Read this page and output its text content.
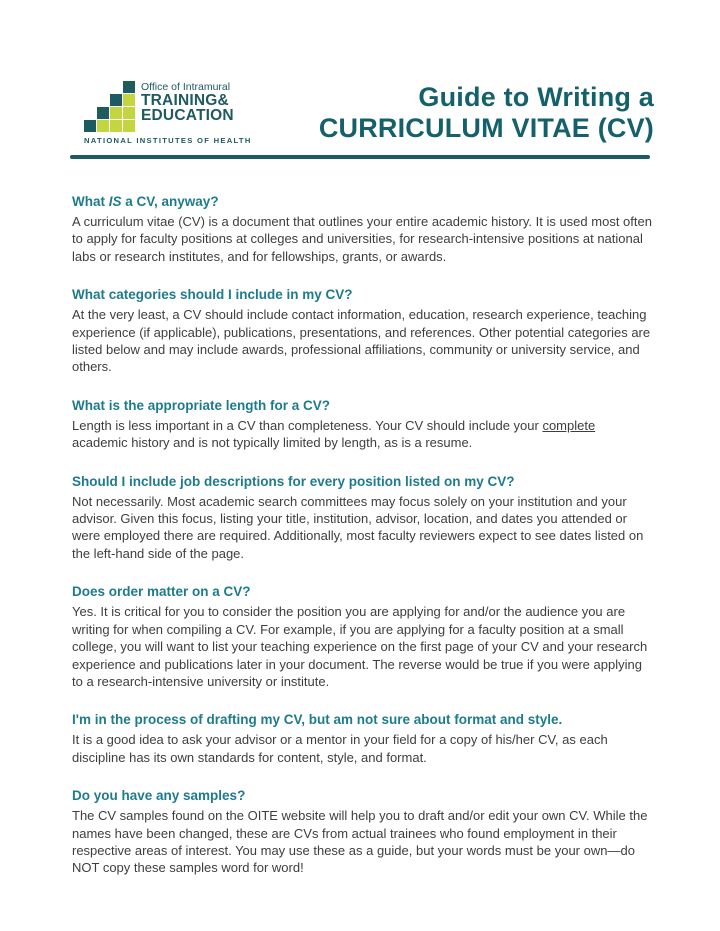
Office of Intramural
TRAINING&
EDUCATION
NATIONAL INSTITUTES OF HEALTH
Guide to Writing a
CURRICULUM VITAE (CV)
What IS a CV, anyway?

A curriculum vitae (CV) is a document that outlines your entire academic history. It is used most often to apply for faculty positions at colleges and universities, for research-intensive positions at national labs or research institutes, and for fellowships, grants, or awards.

What categories should I include in my CV?

At the very least, a CV should include contact information, education, research experience, teaching experience (if applicable), publications, presentations, and references. Other potential categories are listed below and may include awards, professional affiliations, community or university service, and others.

What is the appropriate length for a CV?

Length is less important in a CV than completeness. Your CV should include your complete academic history and is not typically limited by length, as is a resume.

Should I include job descriptions for every position listed on my CV?

Not necessarily. Most academic search committees may focus solely on your institution and your advisor. Given this focus, listing your title, institution, advisor, location, and dates you attended or were employed there are required. Additionally, most faculty reviewers expect to see dates listed on the left-hand side of the page.

Does order matter on a CV?

Yes. It is critical for you to consider the position you are applying for and/or the audience you are writing for when compiling a CV. For example, if you are applying for a faculty position at a small college, you will want to list your teaching experience on the first page of your CV and your research experience and publications later in your document. The reverse would be true if you were applying to a research-intensive university or institute.

I'm in the process of drafting my CV, but am not sure about format and style.

It is a good idea to ask your advisor or a mentor in your field for a copy of his/her CV, as each discipline has its own standards for content, style, and format.

Do you have any samples?

The CV samples found on the OITE website will help you to draft and/or edit your own CV. While the names have been changed, these are CVs from actual trainees who found employment in their respective areas of interest. You may use these as a guide, but your words must be your own—do NOT copy these samples word for word!
